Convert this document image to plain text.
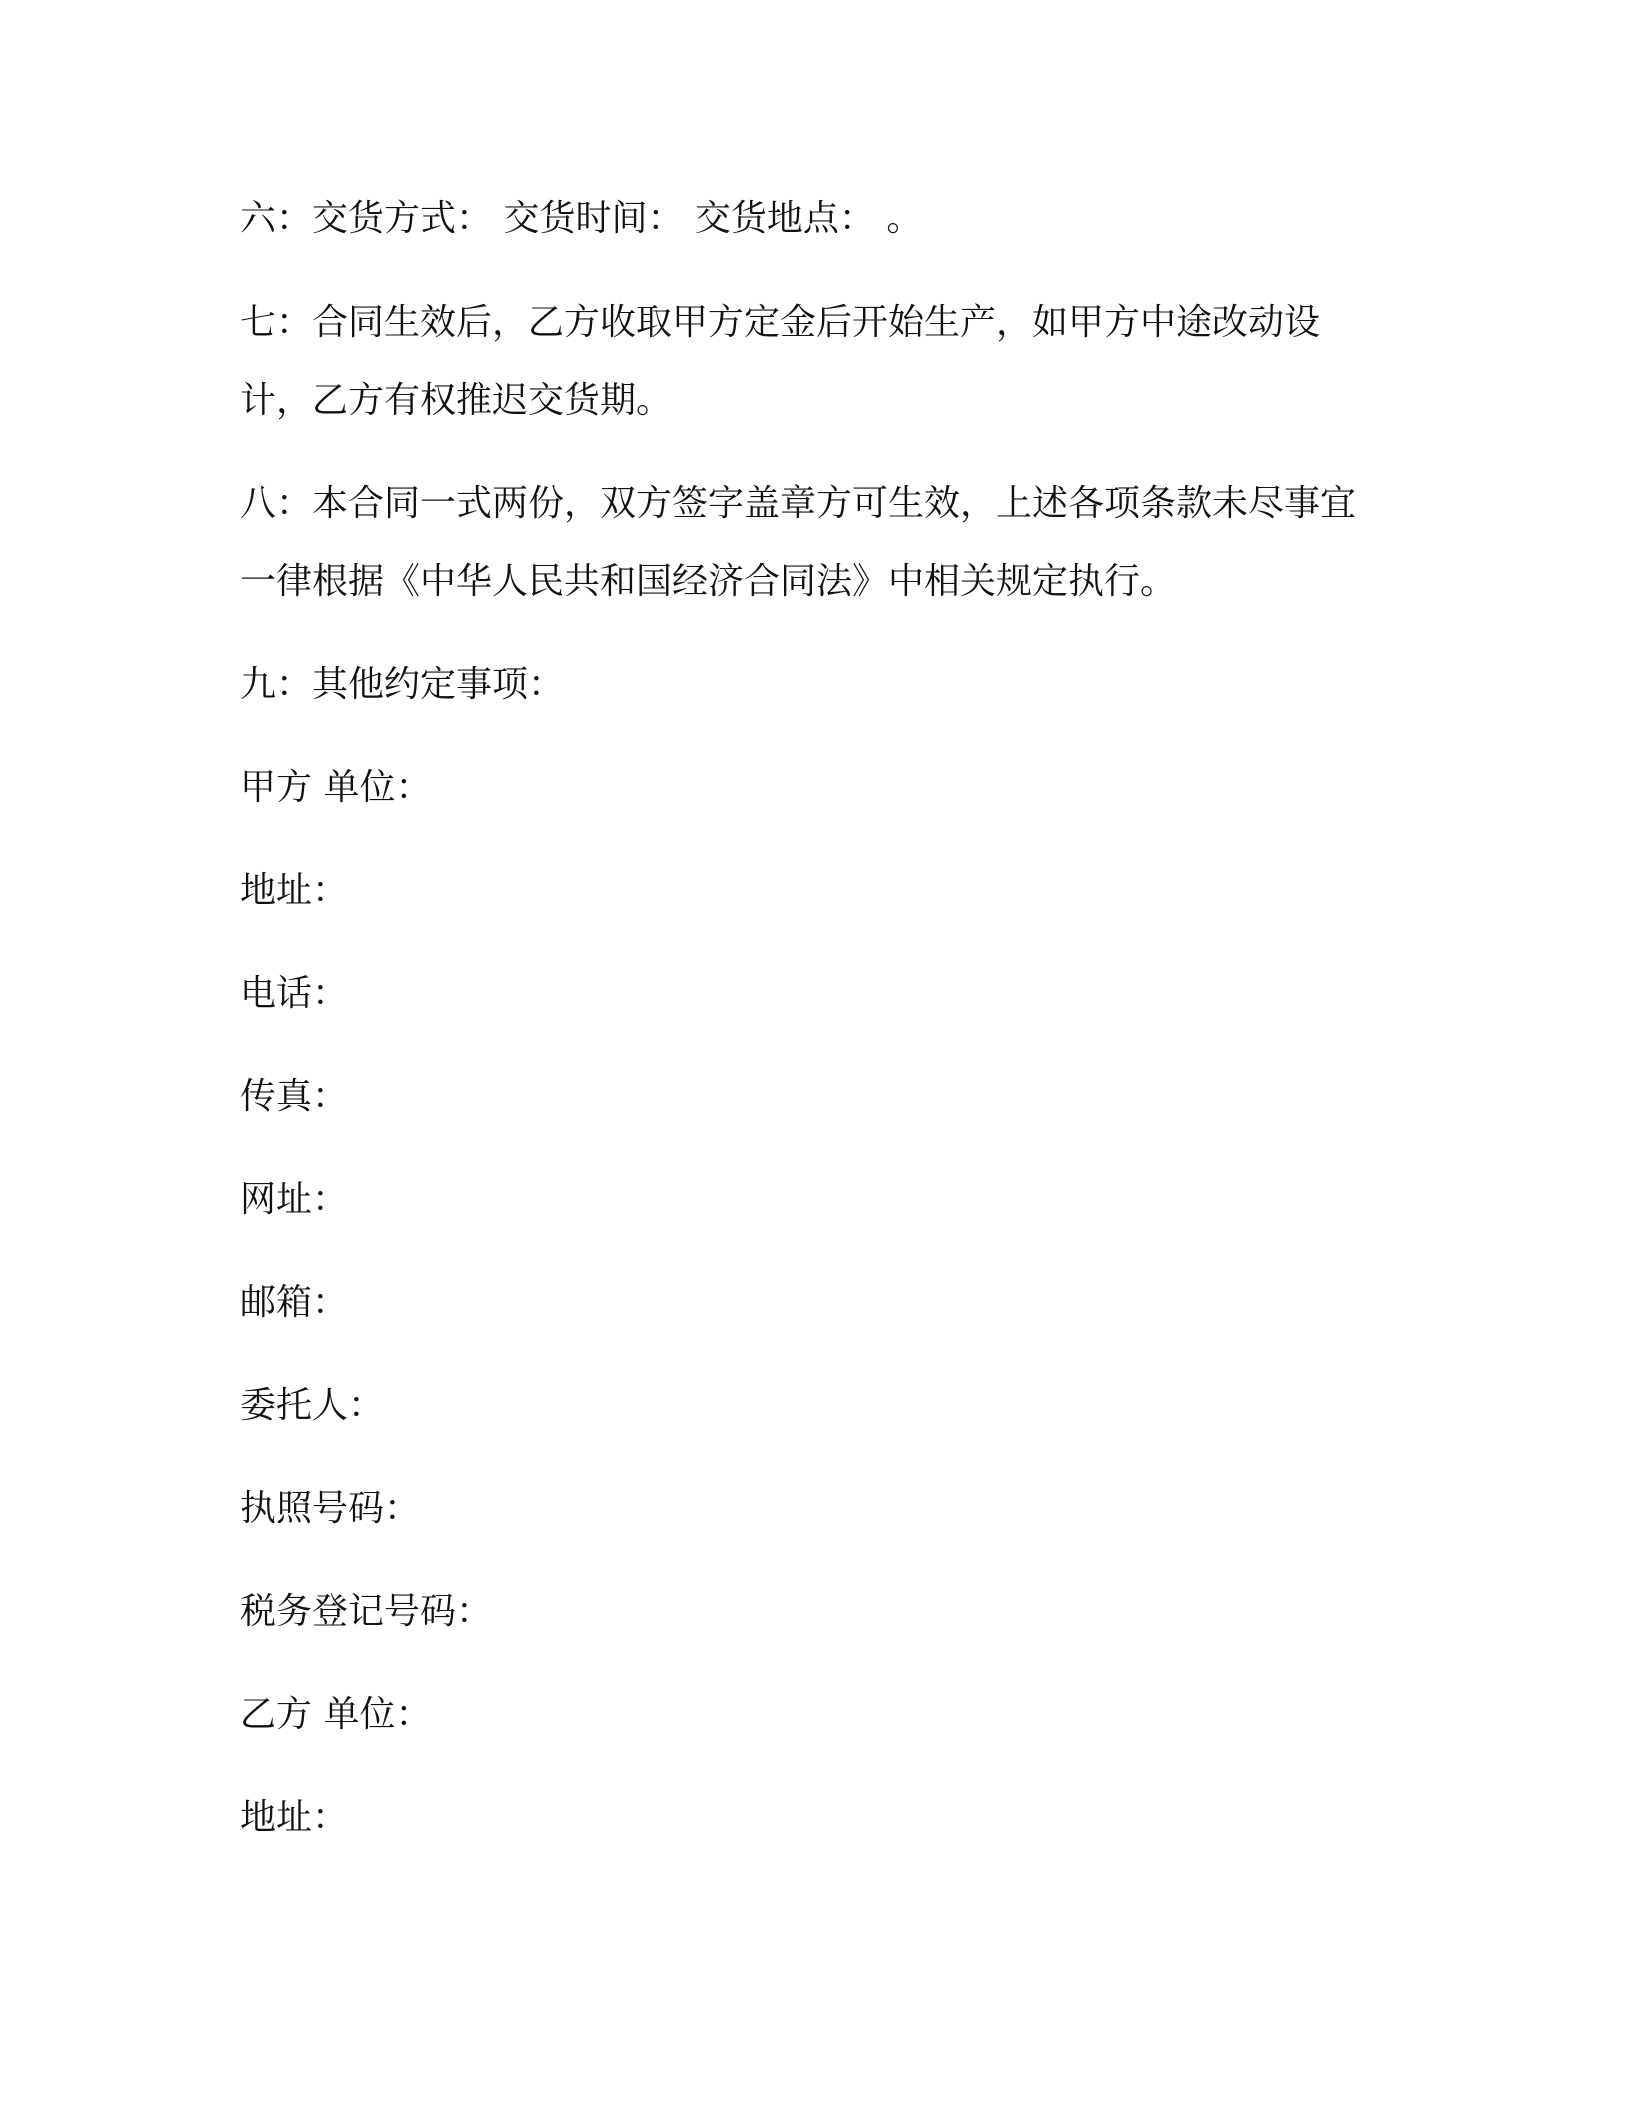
六：交货方式： 交货时间： 交货地点： 。
七：合同生效后，乙方收取甲方定金后开始生产，如甲方中途改动设计，乙方有权推迟交货期。
八：本合同一式两份，双方签字盖章方可生效，上述各项条款未尽事宜一律根据《中华人民共和国经济合同法》中相关规定执行。
九：其他约定事项：
甲方 单位：
地址：
电话：
传真：
网址：
邮箱：
委托人：
执照号码：
税务登记号码：
乙方 单位：
地址：
